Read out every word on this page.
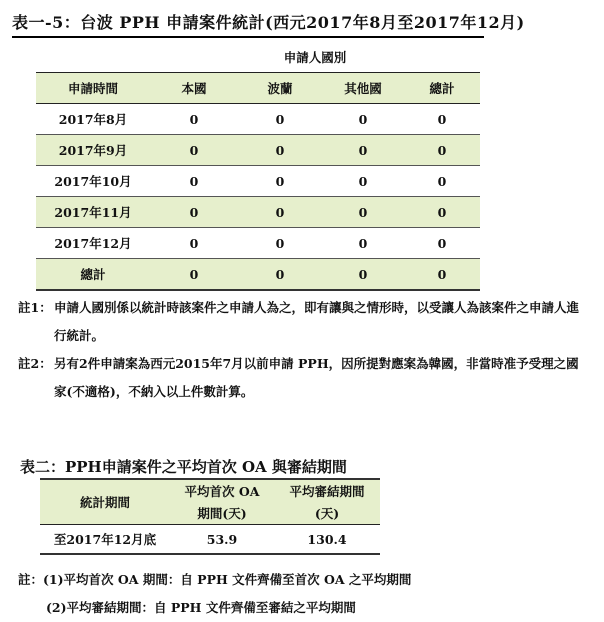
表一-5：台波 PPH 申請案件統計(西元2017年8月至2017年12月)
	申請人國別			
申請時間	本國	波蘭	其他國	總計
2017年8月	0	0	0	0
2017年9月	0	0	0	0
2017年10月	0	0	0	0
2017年11月	0	0	0	0
2017年12月	0	0	0	0
總計	0	0	0	0
註1： 申請人國別係以統計時該案件之申請人為之，即有讓與之情形時，以受讓人為該案件之申請人進行統計。
註2： 另有2件申請案為西元2015年7月以前申請 PPH，因所提對應案為韓國，非當時准予受理之國家(不適格)，不納入以上件數計算。
表二：PPH申請案件之平均首次 OA 與審結期間
統計期間	平均首次 OA	平均審結期間
	期間(天)	(天)
至2017年12月底	53.9	130.4
註：(1)平均首次 OA 期間：自 PPH 文件齊備至首次 OA 之平均期間
(2)平均審結期間：自 PPH 文件齊備至審結之平均期間
